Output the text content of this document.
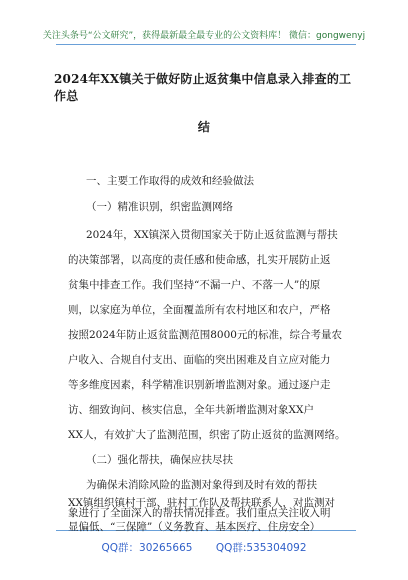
关注头条号“公文研究”，获得最新最全最专业的公文资料库！ 微信：gongwenyj
2024年XX镇关于做好防止返贫集中信息录入排查的工作总
结
一、主要工作取得的成效和经验做法
（一）精准识别，织密监测网络
2024年，XX镇深入贯彻国家关于防止返贫监测与帮扶
的决策部署，以高度的责任感和使命感，扎实开展防止返
贫集中排查工作。我们坚持“不漏一户、不落一人”的原
则，以家庭为单位，全面覆盖所有农村地区和农户，严格
按照2024年防止返贫监测范围8000元的标准，综合考量农
户收入、合规自付支出、面临的突出困难及自立应对能力
等多维度因素，科学精准识别新增监测对象。通过逐户走
访、细致询问、核实信息，全年共新增监测对象XX户
XX人，有效扩大了监测范围，织密了防止返贫的监测网络。
（二）强化帮扶，确保应扶尽扶
为确保未消除风险的监测对象得到及时有效的帮扶
XX镇组织镇村干部、驻村工作队及帮扶联系人，对监测对
象进行了全面深入的帮扶情况排查。我们重点关注收入明
QQ群：30265665 QQ群:535304092
显偏低、“三保障”（义务教育、基本医疗、住房安全）
